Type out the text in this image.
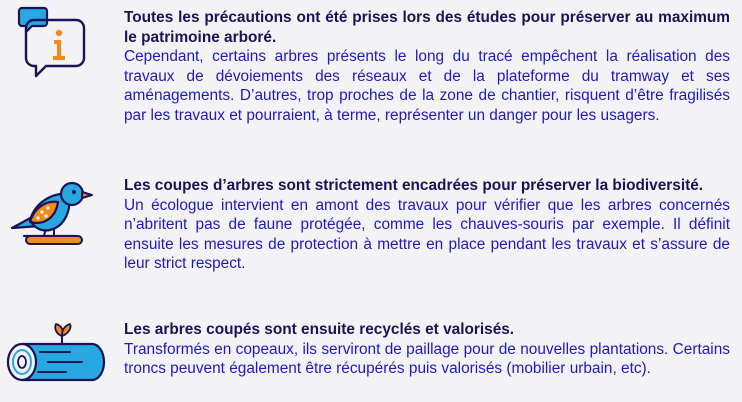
Toutes les précautions ont été prises lors des études pour préserver au maximum le patrimoine arboré.

Cependant, certains arbres présents le long du tracé empêchent la réalisation des travaux de dévoiements des réseaux et de la plateforme du tramway et ses aménagements. D’autres, trop proches de la zone de chantier, risquent d’être fragilisés par les travaux et pourraient, à terme, représenter un danger pour les usagers.

Les coupes d’arbres sont strictement encadrées pour préserver la biodiversité.

Un écologue intervient en amont des travaux pour vérifier que les arbres concernés n’abritent pas de faune protégée, comme les chauves-souris par exemple. Il définit ensuite les mesures de protection à mettre en place pendant les travaux et s’assure de leur strict respect.

Les arbres coupés sont ensuite recyclés et valorisés.

Transformés en copeaux, ils serviront de paillage pour de nouvelles plantations. Certains troncs peuvent également être récupérés puis valorisés (mobilier urbain, etc).
